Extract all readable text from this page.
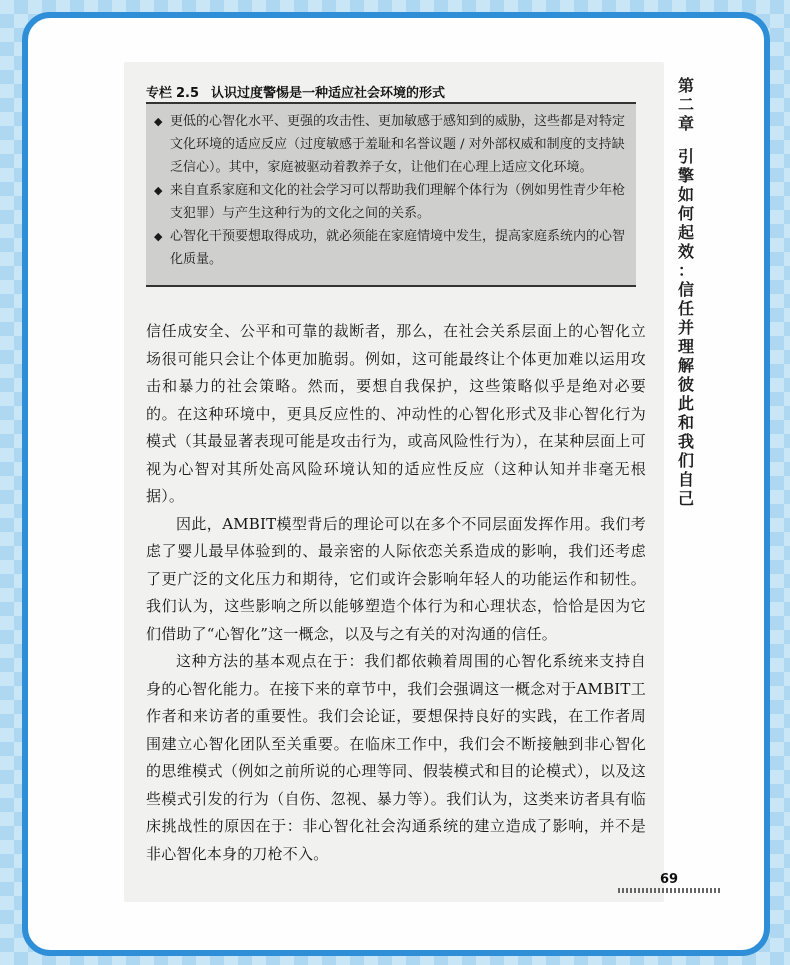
第二章
引
擎
如
何
起
效
：
信
任
并
理
解
彼
此
和
我
们
自
己
专栏 2.5 认识过度警惕是一种适应社会环境的形式
◆ 更低的心智化水平、更强的攻击性、更加敏感于感知到的威胁，这些都是对特定文化环境的适应反应（过度敏感于羞耻和名誉议题 / 对外部权威和制度的支持缺乏信心）。其中，家庭被驱动着教养子女，让他们在心理上适应文化环境。
◆ 来自直系家庭和文化的社会学习可以帮助我们理解个体行为（例如男性青少年枪支犯罪）与产生这种行为的文化之间的关系。
◆ 心智化干预要想取得成功，就必须能在家庭情境中发生，提高家庭系统内的心智化质量。

信任成安全、公平和可靠的裁断者，那么，在社会关系层面上的心智化立场很可能只会让个体更加脆弱。例如，这可能最终让个体更加难以运用攻击和暴力的社会策略。然而，要想自我保护，这些策略似乎是绝对必要的。在这种环境中，更具反应性的、冲动性的心智化形式及非心智化行为模式（其最显著表现可能是攻击行为，或高风险性行为），在某种层面上可视为心智对其所处高风险环境认知的适应性反应（这种认知并非毫无根据）。

因此，AMBIT模型背后的理论可以在多个不同层面发挥作用。我们考虑了婴儿最早体验到的、最亲密的人际依恋关系造成的影响，我们还考虑了更广泛的文化压力和期待，它们或许会影响年轻人的功能运作和韧性。我们认为，这些影响之所以能够塑造个体行为和心理状态，恰恰是因为它们借助了“心智化”这一概念，以及与之有关的对沟通的信任。

这种方法的基本观点在于：我们都依赖着周围的心智化系统来支持自身的心智化能力。在接下来的章节中，我们会强调这一概念对于AMBIT工作者和来访者的重要性。我们会论证，要想保持良好的实践，在工作者周围建立心智化团队至关重要。在临床工作中，我们会不断接触到非心智化的思维模式（例如之前所说的心理等同、假装模式和目的论模式），以及这些模式引发的行为（自伤、忽视、暴力等）。我们认为，这类来访者具有临床挑战性的原因在于：非心智化社会沟通系统的建立造成了影响，并不是非心智化本身的刀枪不入。

69
